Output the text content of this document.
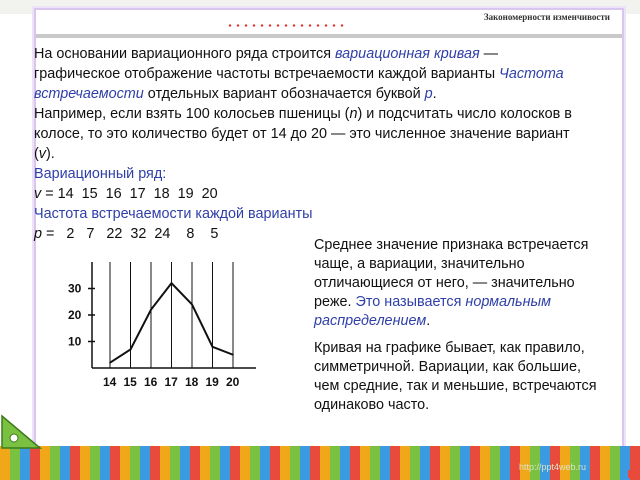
Закономерности изменчивости

На основании вариационного ряда строится вариационная кривая — графическое отображение частоты встречаемости каждой варианты Частота встречаемости отдельных вариант обозначается буквой p.

Например, если взять 100 колосьев пшеницы (n) и подсчитать число колосков в колосе, то это количество будет от 14 до 20 — это численное значение вариант (v).

Вариационный ряд:

v = 14  15  16  17  18  19  20

Частота встречаемости каждой варианты

p =   2   7   22  32  24    8    5

10
20
30
14 15 16 17 18 19 20

Среднее значение признака встречается чаще, а вариации, значительно отличающиеся от него, — значительно реже. Это называется нормальным распределением.

Кривая на графике бывает, как правило, симметричной. Вариации, как большие, чем средние, так и меньшие, встречаются одинаково часто.

http://ppt4web.ru
